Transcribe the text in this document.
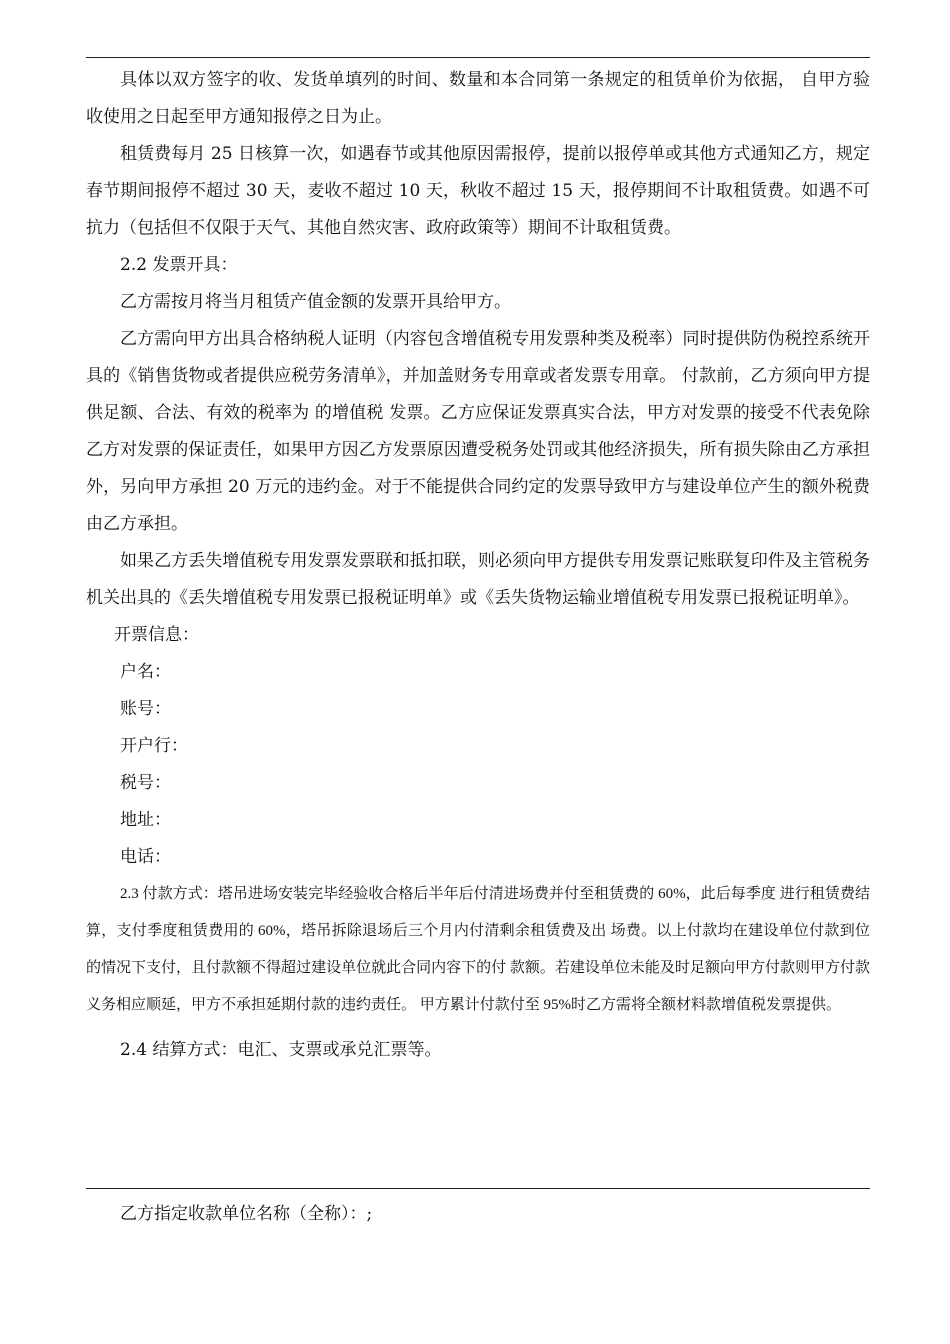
具体以双方签字的收、发货单填列的时间、数量和本合同第一条规定的租赁单价为依据， 自甲方验收使用之日起至甲方通知报停之日为止。

租赁费每月 25 日核算一次，如遇春节或其他原因需报停，提前以报停单或其他方式通知乙方，规定春节期间报停不超过 30 天，麦收不超过 10 天，秋收不超过 15 天，报停期间不计取租赁费。如遇不可抗力（包括但不仅限于天气、其他自然灾害、政府政策等）期间不计取租赁费。

2.2 发票开具：

乙方需按月将当月租赁产值金额的发票开具给甲方。

乙方需向甲方出具合格纳税人证明（内容包含增值税专用发票种类及税率）同时提供防伪税控系统开具的《销售货物或者提供应税劳务清单》，并加盖财务专用章或者发票专用章。 付款前，乙方须向甲方提供足额、合法、有效的税率为 的增值税 发票。乙方应保证发票真实合法，甲方对发票的接受不代表免除乙方对发票的保证责任，如果甲方因乙方发票原因遭受税务处罚或其他经济损失，所有损失除由乙方承担外，另向甲方承担 20 万元的违约金。对于不能提供合同约定的发票导致甲方与建设单位产生的额外税费由乙方承担。

如果乙方丢失增值税专用发票发票联和抵扣联，则必须向甲方提供专用发票记账联复印件及主管税务机关出具的《丢失增值税专用发票已报税证明单》或《丢失货物运输业增值税专用发票已报税证明单》。

开票信息：

户名：

账号：

开户行：

税号：

地址：

电话：

2.3 付款方式：塔吊进场安装完毕经验收合格后半年后付清进场费并付至租赁费的 60%，此后每季度 进行租赁费结算，支付季度租赁费用的 60%，塔吊拆除退场后三个月内付清剩余租赁费及出 场费。以上付款均在建设单位付款到位的情况下支付，且付款额不得超过建设单位就此合同内容下的付 款额。若建设单位未能及时足额向甲方付款则甲方付款义务相应顺延，甲方不承担延期付款的违约责任。 甲方累计付款付至 95%时乙方需将全额材料款增值税发票提供。

2.4 结算方式：电汇、支票或承兑汇票等。

乙方指定收款单位名称（全称）：;
